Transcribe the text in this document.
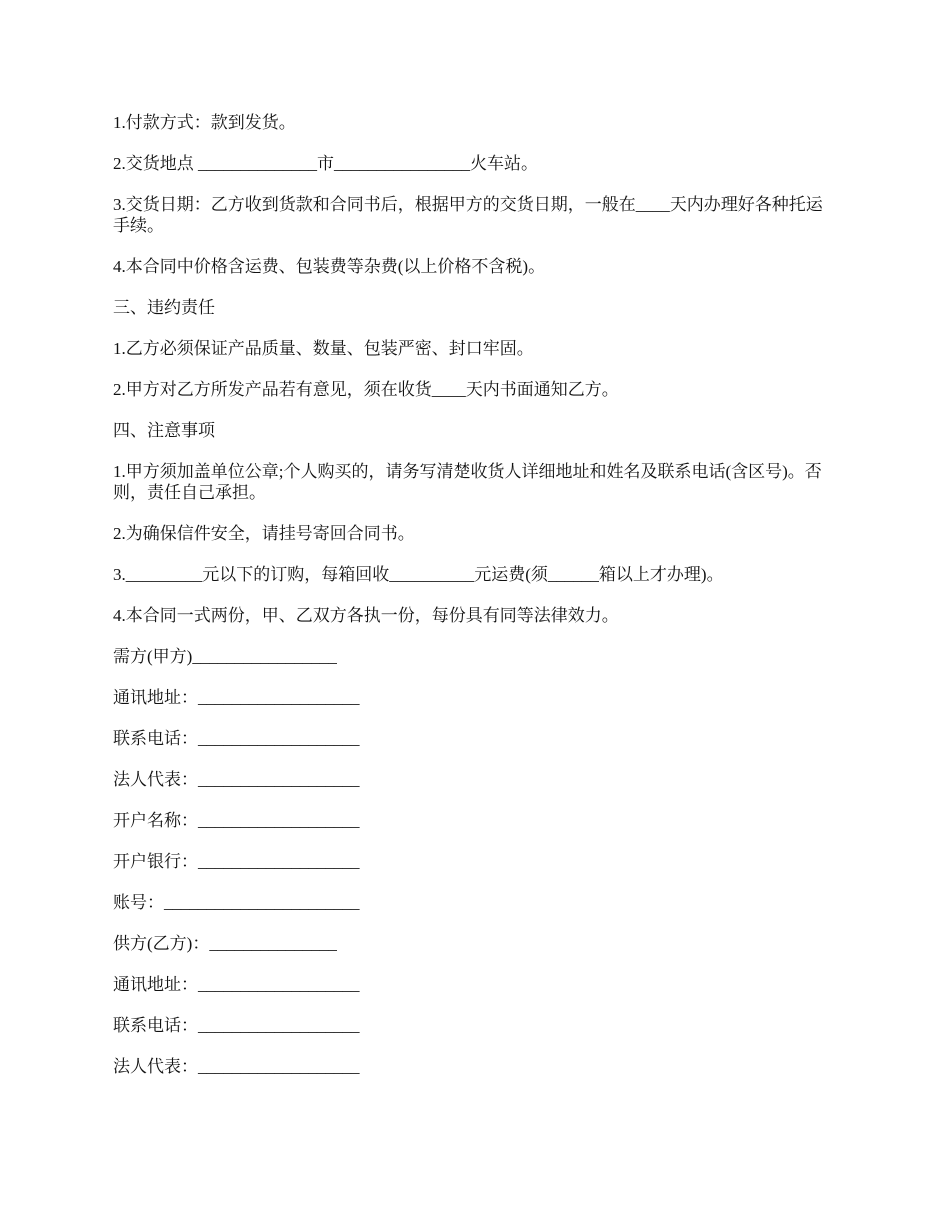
1.付款方式：款到发货。

2.交货地点 ______________市________________火车站。

3.交货日期：乙方收到货款和合同书后，根据甲方的交货日期，一般在____天内办理好各种托运手续。

4.本合同中价格含运费、包装费等杂费(以上价格不含税)。

三、违约责任

1.乙方必须保证产品质量、数量、包装严密、封口牢固。

2.甲方对乙方所发产品若有意见，须在收货____天内书面通知乙方。

四、注意事项

1.甲方须加盖单位公章;个人购买的，请务写清楚收货人详细地址和姓名及联系电话(含区号)。否则，责任自己承担。

2.为确保信件安全，请挂号寄回合同书。

3._________元以下的订购，每箱回收__________元运费(须______箱以上才办理)。

4.本合同一式两份，甲、乙双方各执一份，每份具有同等法律效力。

需方(甲方)_________________

通讯地址：___________________

联系电话：___________________

法人代表：___________________

开户名称：___________________

开户银行：___________________

账号：_______________________

供方(乙方)：_______________

通讯地址：___________________

联系电话：___________________

法人代表：___________________
